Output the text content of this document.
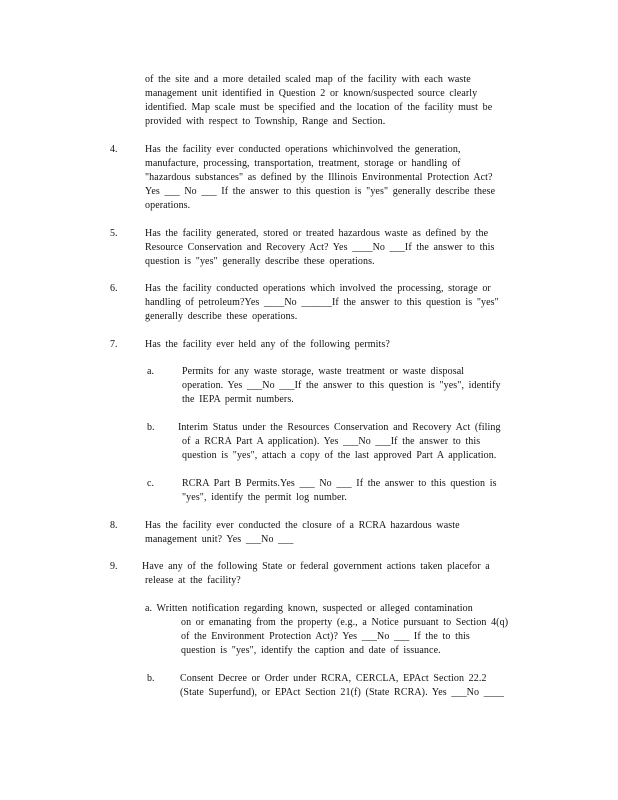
of the site and a more detailed scaled map of the facility with each waste
management unit identified in Question 2 or known/suspected source clearly
identified. Map scale must be specified and the location of the facility must be
provided with respect to Township, Range and Section.
4.	Has the facility ever conducted operations whichinvolved the generation,
manufacture, processing, transportation, treatment, storage or handling of
"hazardous substances" as defined by the Illinois Environmental Protection Act?
Yes ___ No ___ If the answer to this question is "yes" generally describe these
operations.
5.	Has the facility generated, stored or treated hazardous waste as defined by the
Resource Conservation and Recovery Act? Yes ____No ___If the answer to this
question is "yes" generally describe these operations.
6.	Has the facility conducted operations which involved the processing, storage or
handling of petroleum?Yes ____No ______If the answer to this question is "yes"
generally describe these operations.
7.	Has the facility ever held any of the following permits?
a.	Permits for any waste storage, waste treatment or waste disposal
operation. Yes ___No ___If the answer to this question is "yes", identify
the IEPA permit numbers.
b. Interim Status under the Resources Conservation and Recovery Act (filing
of a RCRA Part A application). Yes ___No ___If the answer to this
question is "yes", attach a copy of the last approved Part A application.
c.	RCRA Part B Permits.Yes ___ No ___ If the answer to this question is
"yes", identify the permit log number.
8.	Has the facility ever conducted the closure of a RCRA hazardous waste
management unit? Yes ___No ___
9. Have any of the following State or federal government actions taken placefor a
release at the facility?
a. Written notification regarding known, suspected or alleged contamination
on or emanating from the property (e.g., a Notice pursuant to Section 4(q)
of the Environment Protection Act)? Yes ___No ___ If the to this
question is "yes", identify the caption and date of issuance.
b.	Consent Decree or Order under RCRA, CERCLA, EPAct Section 22.2
(State Superfund), or EPAct Section 21(f) (State RCRA). Yes ___No ____
